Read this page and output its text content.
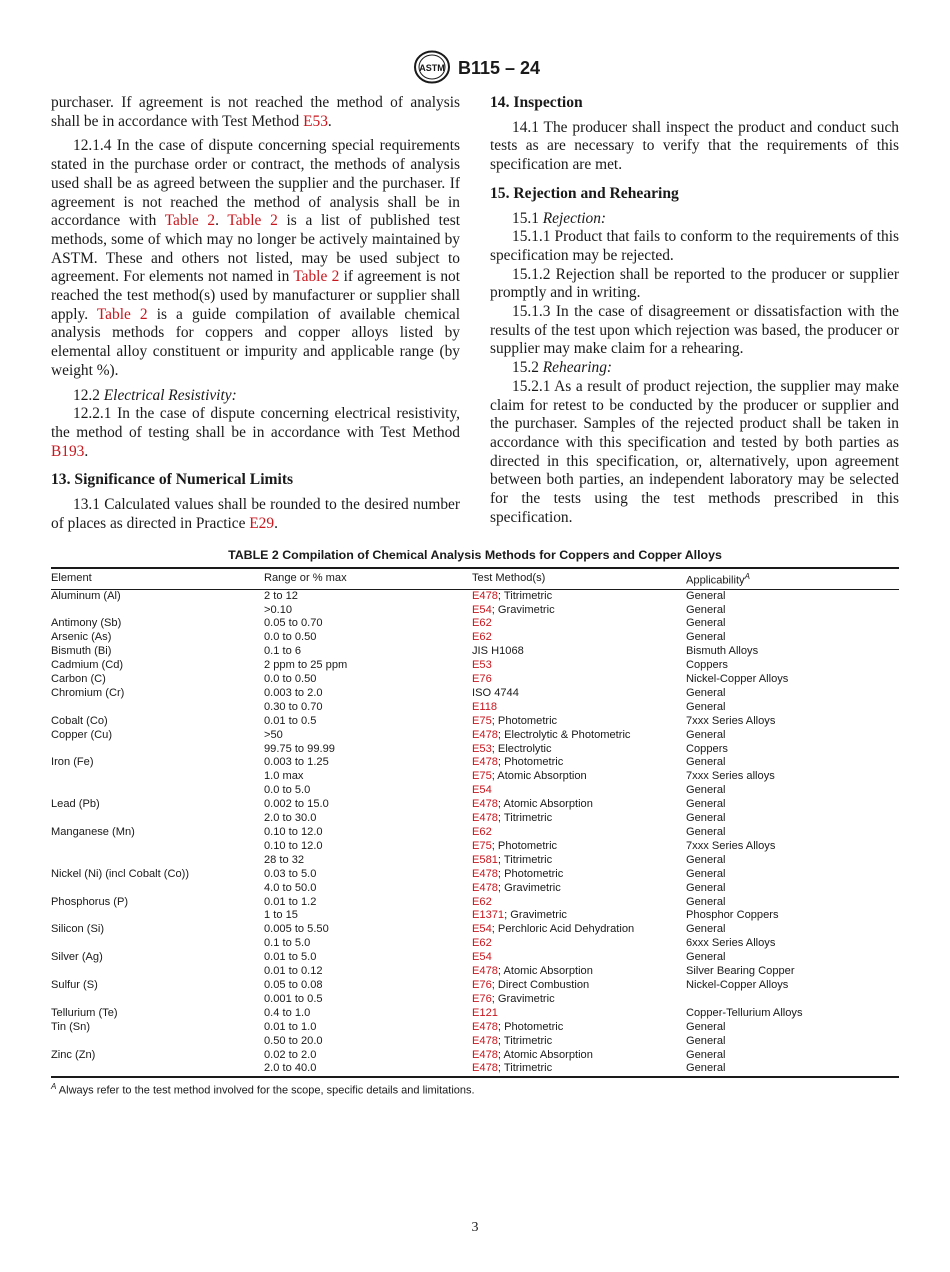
ASTM B115 – 24

purchaser. If agreement is not reached the method of analysis shall be in accordance with Test Method E53.

12.1.4 In the case of dispute concerning special requirements stated in the purchase order or contract, the methods of analysis used shall be as agreed between the supplier and the purchaser. If agreement is not reached the method of analysis shall be in accordance with Table 2. Table 2 is a list of published test methods, some of which may no longer be actively maintained by ASTM. These and others not listed, may be used subject to agreement. For elements not named in Table 2 if agreement is not reached the test method(s) used by manufacturer or supplier shall apply. Table 2 is a guide compilation of available chemical analysis methods for coppers and copper alloys listed by elemental alloy constituent or impurity and applicable range (by weight %).

12.2 Electrical Resistivity:

12.2.1 In the case of dispute concerning electrical resistivity, the method of testing shall be in accordance with Test Method B193.

13. Significance of Numerical Limits

13.1 Calculated values shall be rounded to the desired number of places as directed in Practice E29.

14. Inspection

14.1 The producer shall inspect the product and conduct such tests as are necessary to verify that the requirements of this specification are met.

15. Rejection and Rehearing

15.1 Rejection:

15.1.1 Product that fails to conform to the requirements of this specification may be rejected.

15.1.2 Rejection shall be reported to the producer or supplier promptly and in writing.

15.1.3 In the case of disagreement or dissatisfaction with the results of the test upon which rejection was based, the producer or supplier may make claim for a rehearing.

15.2 Rehearing:

15.2.1 As a result of product rejection, the supplier may make claim for retest to be conducted by the producer or supplier and the purchaser. Samples of the rejected product shall be taken in accordance with this specification and tested by both parties as directed in this specification, or, alternatively, upon agreement between both parties, an independent laboratory may be selected for the tests using the test methods prescribed in this specification.

TABLE 2 Compilation of Chemical Analysis Methods for Coppers and Copper Alloys
Element	Range or % max	Test Method(s)	Applicability$^A$
Aluminum (Al)	2 to 12	E478; Titrimetric	General
	>0.10	E54; Gravimetric	General
Antimony (Sb)	0.05 to 0.70	E62	General
Arsenic (As)	0.0 to 0.50	E62	General
Bismuth (Bi)	0.1 to 6	JIS H1068	Bismuth Alloys
Cadmium (Cd)	2 ppm to 25 ppm	E53	Coppers
Carbon (C)	0.0 to 0.50	E76	Nickel-Copper Alloys
Chromium (Cr)	0.003 to 2.0	ISO 4744	General
	0.30 to 0.70	E118	General
Cobalt (Co)	0.01 to 0.5	E75; Photometric	7xxx Series Alloys
Copper (Cu)	>50	E478; Electrolytic & Photometric	General
	99.75 to 99.99	E53; Electrolytic	Coppers
Iron (Fe)	0.003 to 1.25	E478; Photometric	General
	1.0 max	E75; Atomic Absorption	7xxx Series alloys
	0.0 to 5.0	E54	General
Lead (Pb)	0.002 to 15.0	E478; Atomic Absorption	General
	2.0 to 30.0	E478; Titrimetric	General
Manganese (Mn)	0.10 to 12.0	E62	General
	0.10 to 12.0	E75; Photometric	7xxx Series Alloys
	28 to 32	E581; Titrimetric	General
Nickel (Ni) (incl Cobalt (Co))	0.03 to 5.0	E478; Photometric	General
	4.0 to 50.0	E478; Gravimetric	General
Phosphorus (P)	0.01 to 1.2	E62	General
	1 to 15	E1371; Gravimetric	Phosphor Coppers
Silicon (Si)	0.005 to 5.50	E54; Perchloric Acid Dehydration	General
	0.1 to 5.0	E62	6xxx Series Alloys
Silver (Ag)	0.01 to 5.0	E54	General
	0.01 to 0.12	E478; Atomic Absorption	Silver Bearing Copper
Sulfur (S)	0.05 to 0.08	E76; Direct Combustion	Nickel-Copper Alloys
	0.001 to 0.5	E76; Gravimetric	
Tellurium (Te)	0.4 to 1.0	E121	Copper-Tellurium Alloys
Tin (Sn)	0.01 to 1.0	E478; Photometric	General
	0.50 to 20.0	E478; Titrimetric	General
Zinc (Zn)	0.02 to 2.0	E478; Atomic Absorption	General
	2.0 to 40.0	E478; Titrimetric	General
$^A$ Always refer to the test method involved for the scope, specific details and limitations.
3
